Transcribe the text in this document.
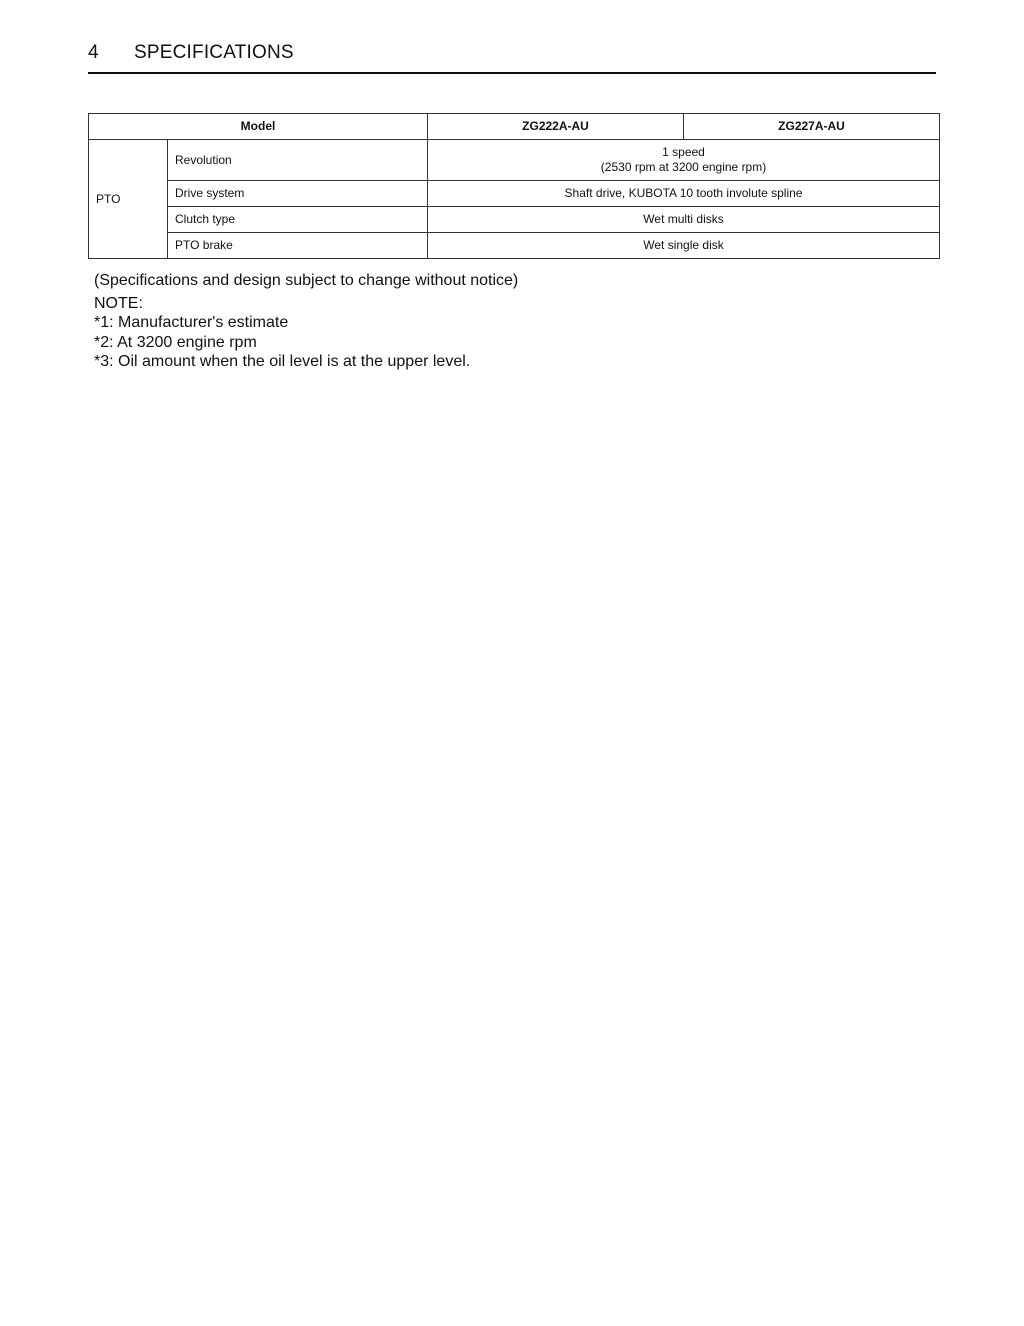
4 SPECIFICATIONS
Model		ZG222A-AU	ZG227A-AU
PTO	Revolution	1 speed
(2530 rpm at 3200 engine rpm)	

	Drive system	Shaft drive, KUBOTA 10 tooth involute spline	
	Clutch type	Wet multi disks	
	PTO brake	Wet single disk	
(Specifications and design subject to change without notice)
NOTE:
*1: Manufacturer's estimate
*2: At 3200 engine rpm
*3: Oil amount when the oil level is at the upper level.
